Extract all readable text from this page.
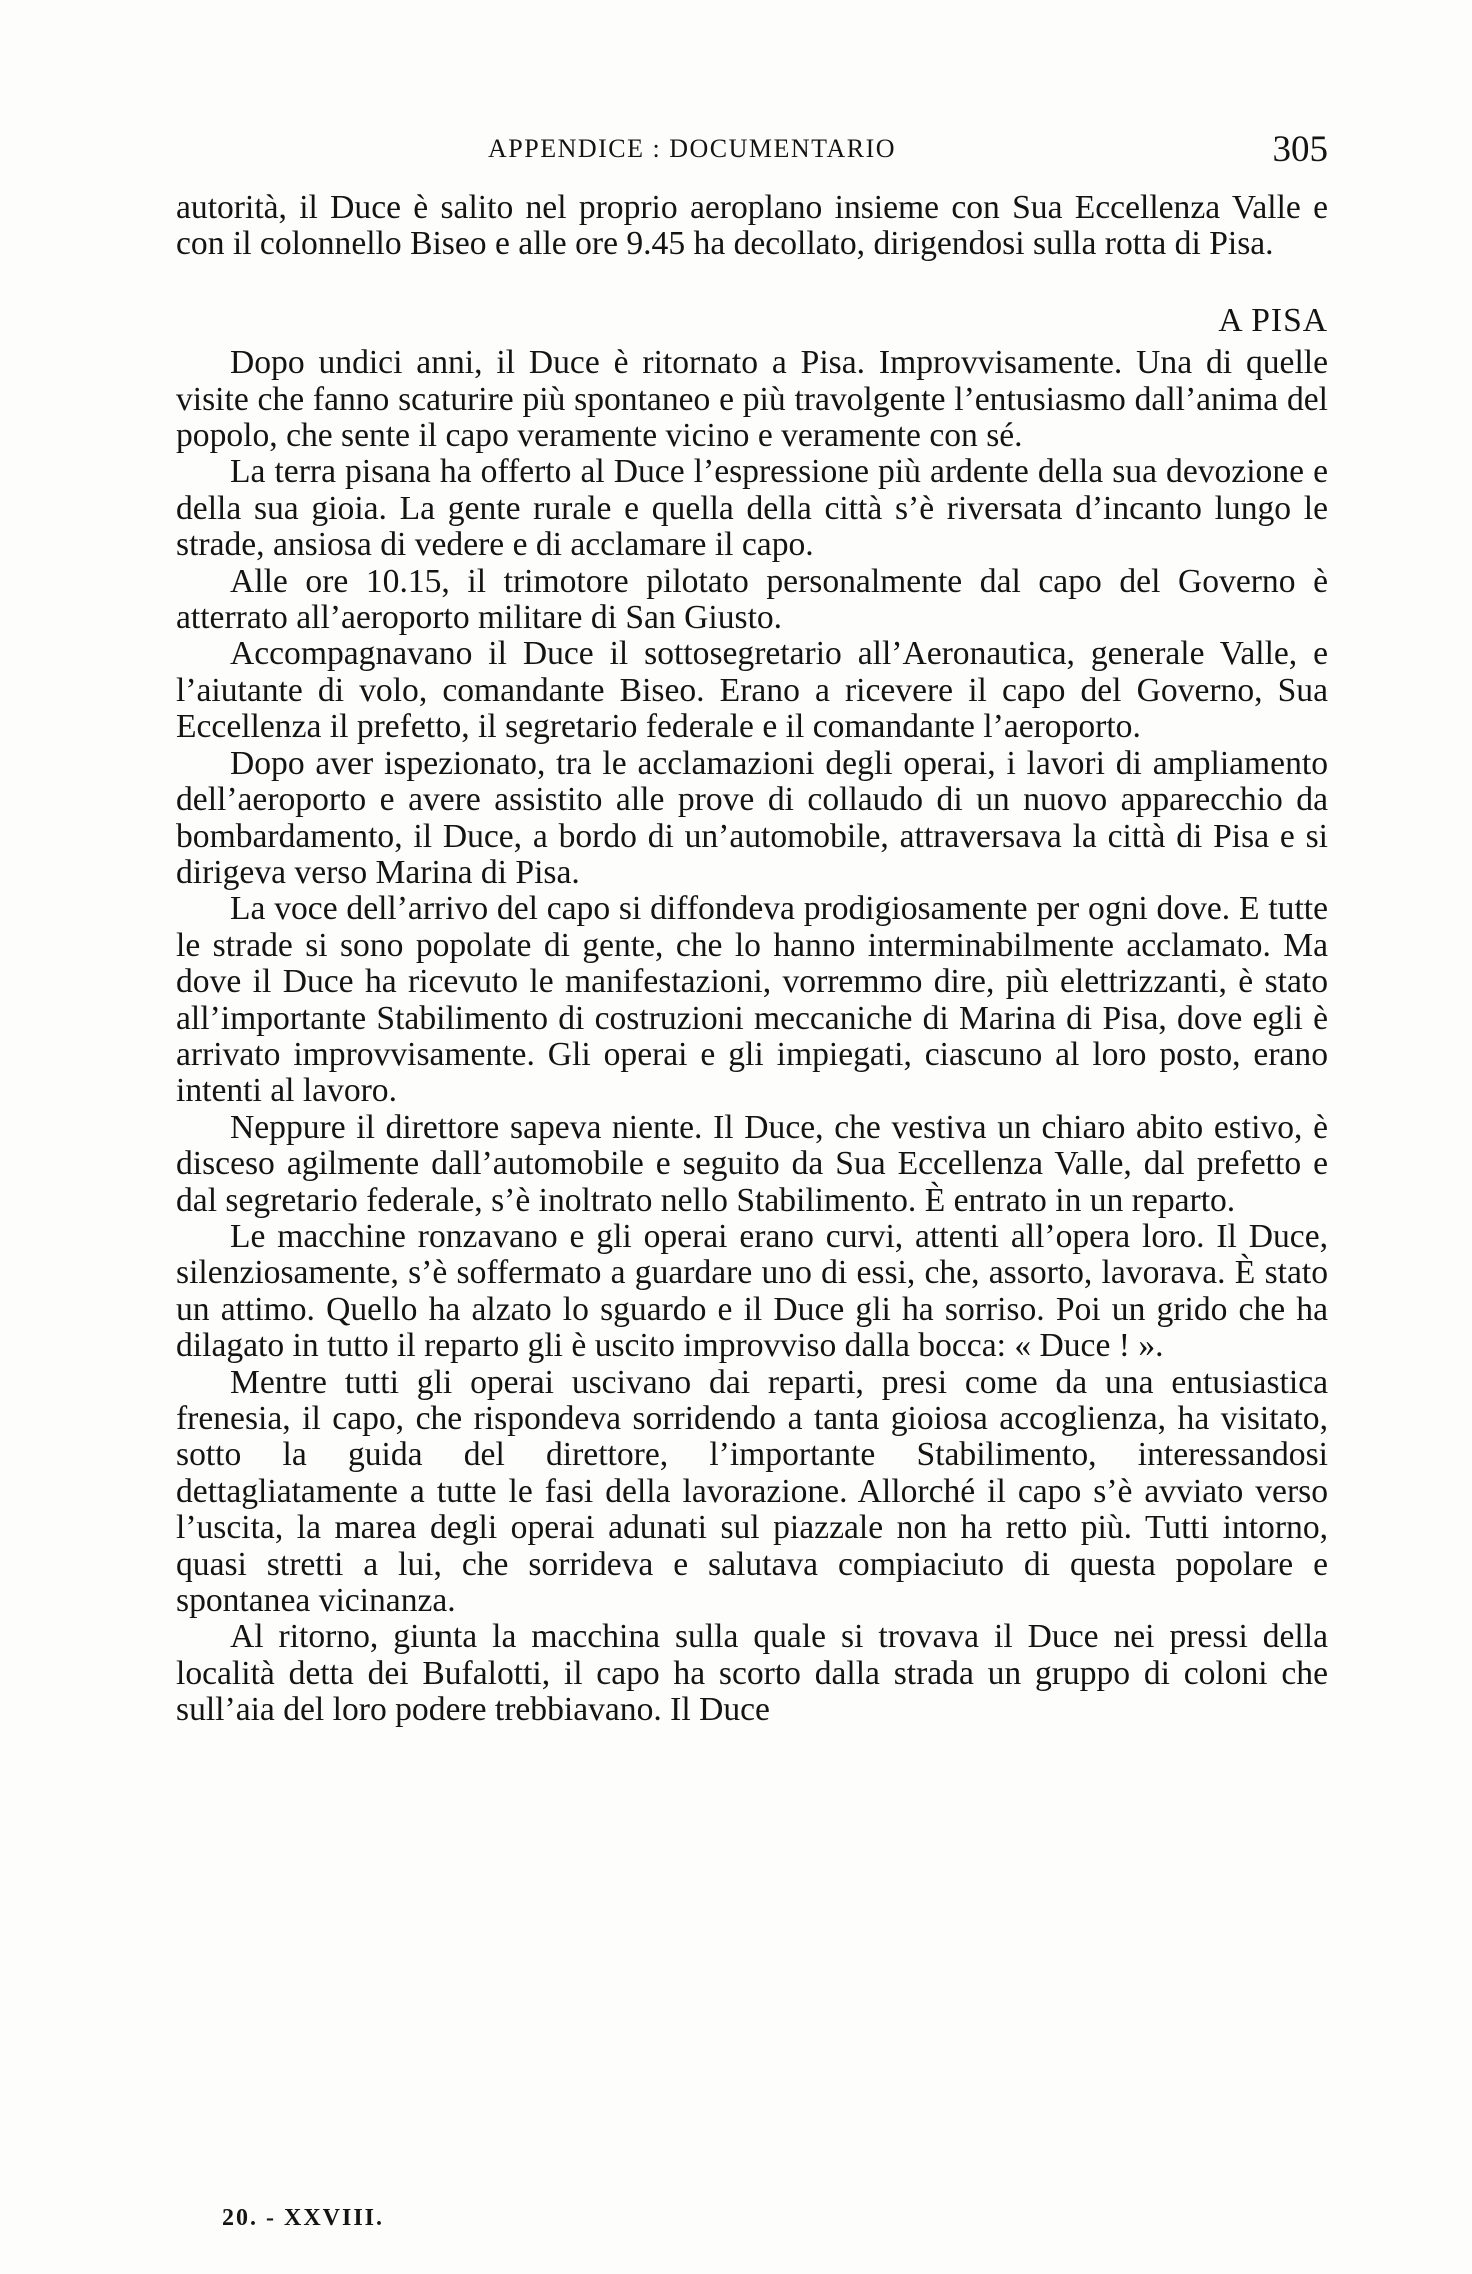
APPENDICE : DOCUMENTARIO	305

autorità, il Duce è salito nel proprio aeroplano insieme con Sua Eccellenza Valle e con il colonnello Biseo e alle ore 9.45 ha decollato, dirigendosi sulla rotta di Pisa.

A PISA

Dopo undici anni, il Duce è ritornato a Pisa. Improvvisamente. Una di quelle visite che fanno scaturire più spontaneo e più travolgente l’entusiasmo dall’anima del popolo, che sente il capo veramente vicino e veramente con sé.

La terra pisana ha offerto al Duce l’espressione più ardente della sua devozione e della sua gioia. La gente rurale e quella della città s’è riversata d’incanto lungo le strade, ansiosa di vedere e di acclamare il capo.

Alle ore 10.15, il trimotore pilotato personalmente dal capo del Governo è atterrato all’aeroporto militare di San Giusto.

Accompagnavano il Duce il sottosegretario all’Aeronautica, generale Valle, e l’aiutante di volo, comandante Biseo. Erano a ricevere il capo del Governo, Sua Eccellenza il prefetto, il segretario federale e il comandante l’aeroporto.

Dopo aver ispezionato, tra le acclamazioni degli operai, i lavori di ampliamento dell’aeroporto e avere assistito alle prove di collaudo di un nuovo apparecchio da bombardamento, il Duce, a bordo di un’automobile, attraversava la città di Pisa e si dirigeva verso Marina di Pisa.

La voce dell’arrivo del capo si diffondeva prodigiosamente per ogni dove. E tutte le strade si sono popolate di gente, che lo hanno interminabilmente acclamato. Ma dove il Duce ha ricevuto le manifestazioni, vorremmo dire, più elettrizzanti, è stato all’importante Stabilimento di costruzioni meccaniche di Marina di Pisa, dove egli è arrivato improvvisamente. Gli operai e gli impiegati, ciascuno al loro posto, erano intenti al lavoro.

Neppure il direttore sapeva niente. Il Duce, che vestiva un chiaro abito estivo, è disceso agilmente dall’automobile e seguito da Sua Eccellenza Valle, dal prefetto e dal segretario federale, s’è inoltrato nello Stabilimento. È entrato in un reparto.

Le macchine ronzavano e gli operai erano curvi, attenti all’opera loro. Il Duce, silenziosamente, s’è soffermato a guardare uno di essi, che, assorto, lavorava. È stato un attimo. Quello ha alzato lo sguardo e il Duce gli ha sorriso. Poi un grido che ha dilagato in tutto il reparto gli è uscito improvviso dalla bocca: « Duce ! ».

Mentre tutti gli operai uscivano dai reparti, presi come da una entusiastica frenesia, il capo, che rispondeva sorridendo a tanta gioiosa accoglienza, ha visitato, sotto la guida del direttore, l’importante Stabilimento, interessandosi dettagliatamente a tutte le fasi della lavorazione. Allorché il capo s’è avviato verso l’uscita, la marea degli operai adunati sul piazzale non ha retto più. Tutti intorno, quasi stretti a lui, che sorrideva e salutava compiaciuto di questa popolare e spontanea vicinanza.

Al ritorno, giunta la macchina sulla quale si trovava il Duce nei pressi della località detta dei Bufalotti, il capo ha scorto dalla strada un gruppo di coloni che sull’aia del loro podere trebbiavano. Il Duce

20. - XXVIII.
